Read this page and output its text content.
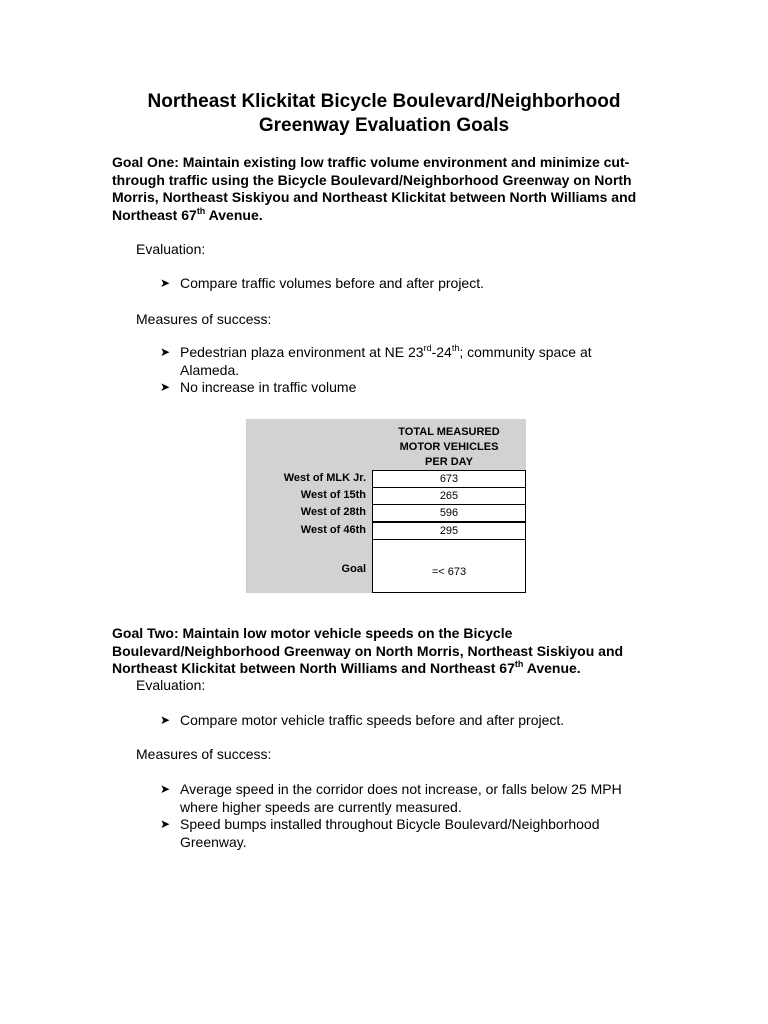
Northeast Klickitat Bicycle Boulevard/Neighborhood
Greenway Evaluation Goals

Goal One: Maintain existing low traffic volume environment and minimize cut-through traffic using the Bicycle Boulevard/Neighborhood Greenway on North Morris, Northeast Siskiyou and Northeast Klickitat between North Williams and Northeast 67th Avenue.

Evaluation:

➤ Compare traffic volumes before and after project.

Measures of success:

➤ Pedestrian plaza environment at NE 23rd-24th; community space at Alameda.
➤ No increase in traffic volume
TOTAL MEASURED
MOTOR VEHICLES
PER DAY
West of MLK Jr.	673
West of 15th	265
West of 28th	596
West of 46th	295
Goal	=< 673

Goal Two: Maintain low motor vehicle speeds on the Bicycle Boulevard/Neighborhood Greenway on North Morris, Northeast Siskiyou and Northeast Klickitat between North Williams and Northeast 67th Avenue.

Evaluation:

➤ Compare motor vehicle traffic speeds before and after project.

Measures of success:

➤ Average speed in the corridor does not increase, or falls below 25 MPH where higher speeds are currently measured.
➤ Speed bumps installed throughout Bicycle Boulevard/Neighborhood Greenway.
